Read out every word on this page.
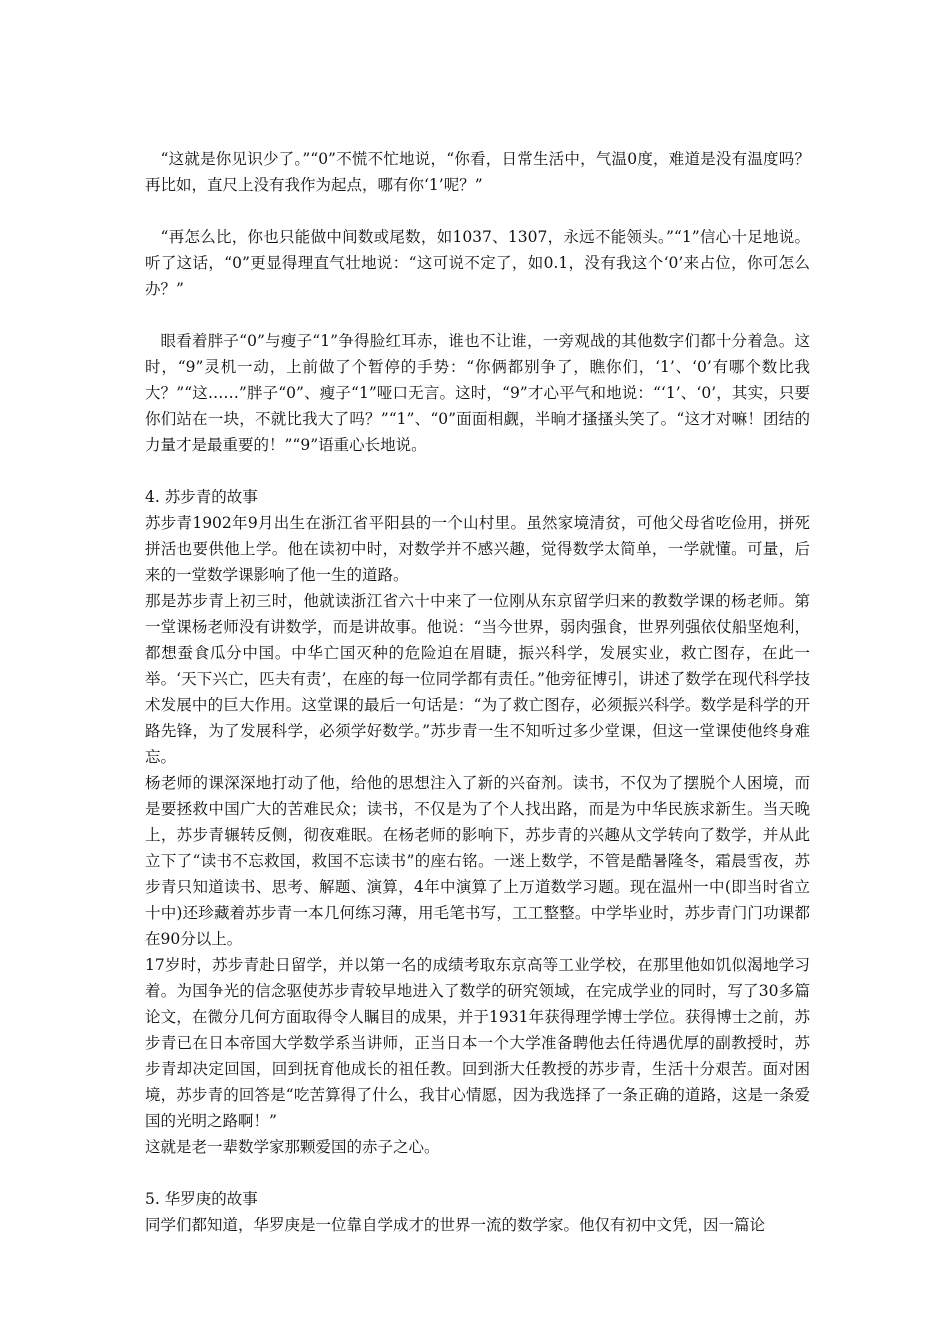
“这就是你见识少了。”“0”不慌不忙地说，“你看，日常生活中，气温0度，难道是没有温度吗？再比如，直尺上没有我作为起点，哪有你‘1’呢？”

“再怎么比，你也只能做中间数或尾数，如1037、1307，永远不能领头。”“1”信心十足地说。听了这话，“0”更显得理直气壮地说：“这可说不定了，如0.1，没有我这个‘0’来占位，你可怎么办？”

眼看着胖子“0”与瘦子“1”争得脸红耳赤，谁也不让谁，一旁观战的其他数字们都十分着急。这时，“9”灵机一动，上前做了个暂停的手势：“你俩都别争了，瞧你们，‘1’、‘0’有哪个数比我大？”“这……”胖子“0”、瘦子“1”哑口无言。这时，“9”才心平气和地说：“‘1’、‘0’，其实，只要你们站在一块，不就比我大了吗？”“1”、“0”面面相觑，半晌才搔搔头笑了。“这才对嘛！团结的力量才是最重要的！”“9”语重心长地说。

4. 苏步青的故事

苏步青1902年9月出生在浙江省平阳县的一个山村里。虽然家境清贫，可他父母省吃俭用，拼死拼活也要供他上学。他在读初中时，对数学并不感兴趣，觉得数学太简单，一学就懂。可量，后来的一堂数学课影响了他一生的道路。

那是苏步青上初三时，他就读浙江省六十中来了一位刚从东京留学归来的教数学课的杨老师。第一堂课杨老师没有讲数学，而是讲故事。他说：“当今世界，弱肉强食，世界列强依仗船坚炮利，都想蚕食瓜分中国。中华亡国灭种的危险迫在眉睫，振兴科学，发展实业，救亡图存，在此一举。‘天下兴亡，匹夫有责’，在座的每一位同学都有责任。”他旁征博引，讲述了数学在现代科学技术发展中的巨大作用。这堂课的最后一句话是：“为了救亡图存，必须振兴科学。数学是科学的开路先锋，为了发展科学，必须学好数学。”苏步青一生不知听过多少堂课，但这一堂课使他终身难忘。

杨老师的课深深地打动了他，给他的思想注入了新的兴奋剂。读书，不仅为了摆脱个人困境，而是要拯救中国广大的苦难民众；读书，不仅是为了个人找出路，而是为中华民族求新生。当天晚上，苏步青辗转反侧，彻夜难眠。在杨老师的影响下，苏步青的兴趣从文学转向了数学，并从此立下了“读书不忘救国，救国不忘读书”的座右铭。一迷上数学，不管是酷暑隆冬，霜晨雪夜，苏步青只知道读书、思考、解题、演算，4年中演算了上万道数学习题。现在温州一中(即当时省立十中)还珍藏着苏步青一本几何练习薄，用毛笔书写，工工整整。中学毕业时，苏步青门门功课都在90分以上。

17岁时，苏步青赴日留学，并以第一名的成绩考取东京高等工业学校，在那里他如饥似渴地学习着。为国争光的信念驱使苏步青较早地进入了数学的研究领域，在完成学业的同时，写了30多篇论文，在微分几何方面取得令人瞩目的成果，并于1931年获得理学博士学位。获得博士之前，苏步青已在日本帝国大学数学系当讲师，正当日本一个大学准备聘他去任待遇优厚的副教授时，苏步青却决定回国，回到抚育他成长的祖任教。回到浙大任教授的苏步青，生活十分艰苦。面对困境，苏步青的回答是“吃苦算得了什么，我甘心情愿，因为我选择了一条正确的道路，这是一条爱国的光明之路啊！”

这就是老一辈数学家那颗爱国的赤子之心。

5. 华罗庚的故事

同学们都知道，华罗庚是一位靠自学成才的世界一流的数学家。他仅有初中文凭，因一篇论
